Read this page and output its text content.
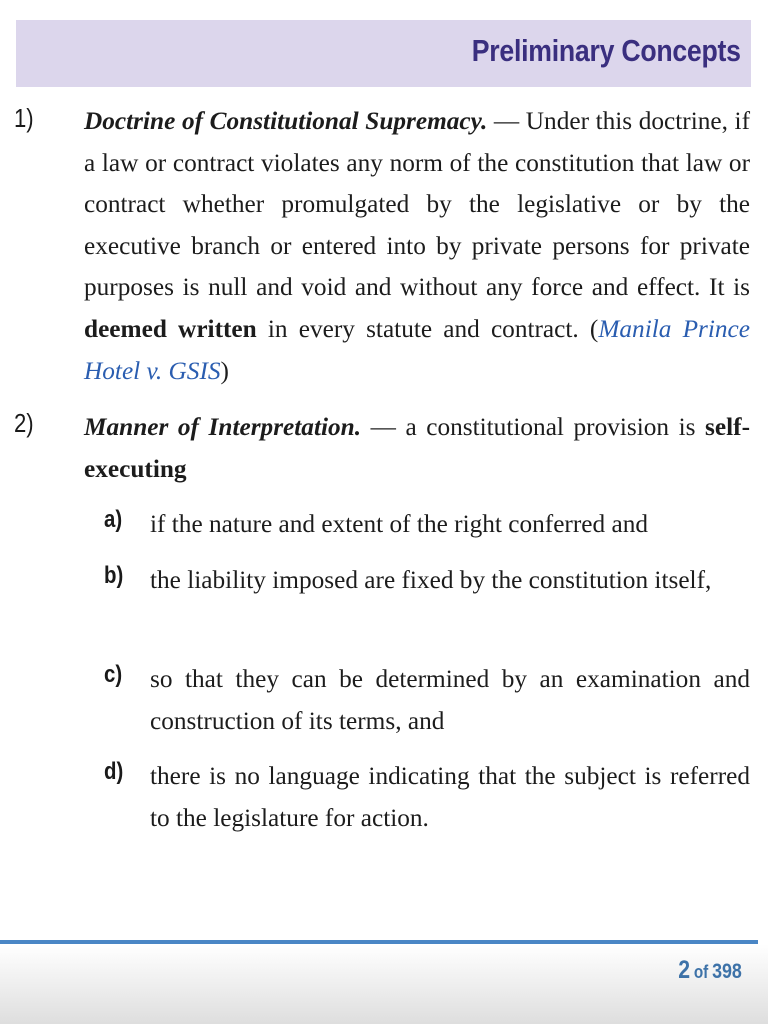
Preliminary Concepts
1) Doctrine of Constitutional Supremacy. — Under this doctrine, if a law or contract violates any norm of the constitution that law or contract whether promulgated by the legislative or by the executive branch or entered into by private persons for private purposes is null and void and without any force and effect. It is deemed written in every statute and contract. (Manila Prince Hotel v. GSIS)
2) Manner of Interpretation. — a constitutional provision is self-executing
a) if the nature and extent of the right conferred and
b) the liability imposed are fixed by the constitution itself,
c) so that they can be determined by an examination and construction of its terms, and
d) there is no language indicating that the subject is referred to the legislature for action.
2 of 398
